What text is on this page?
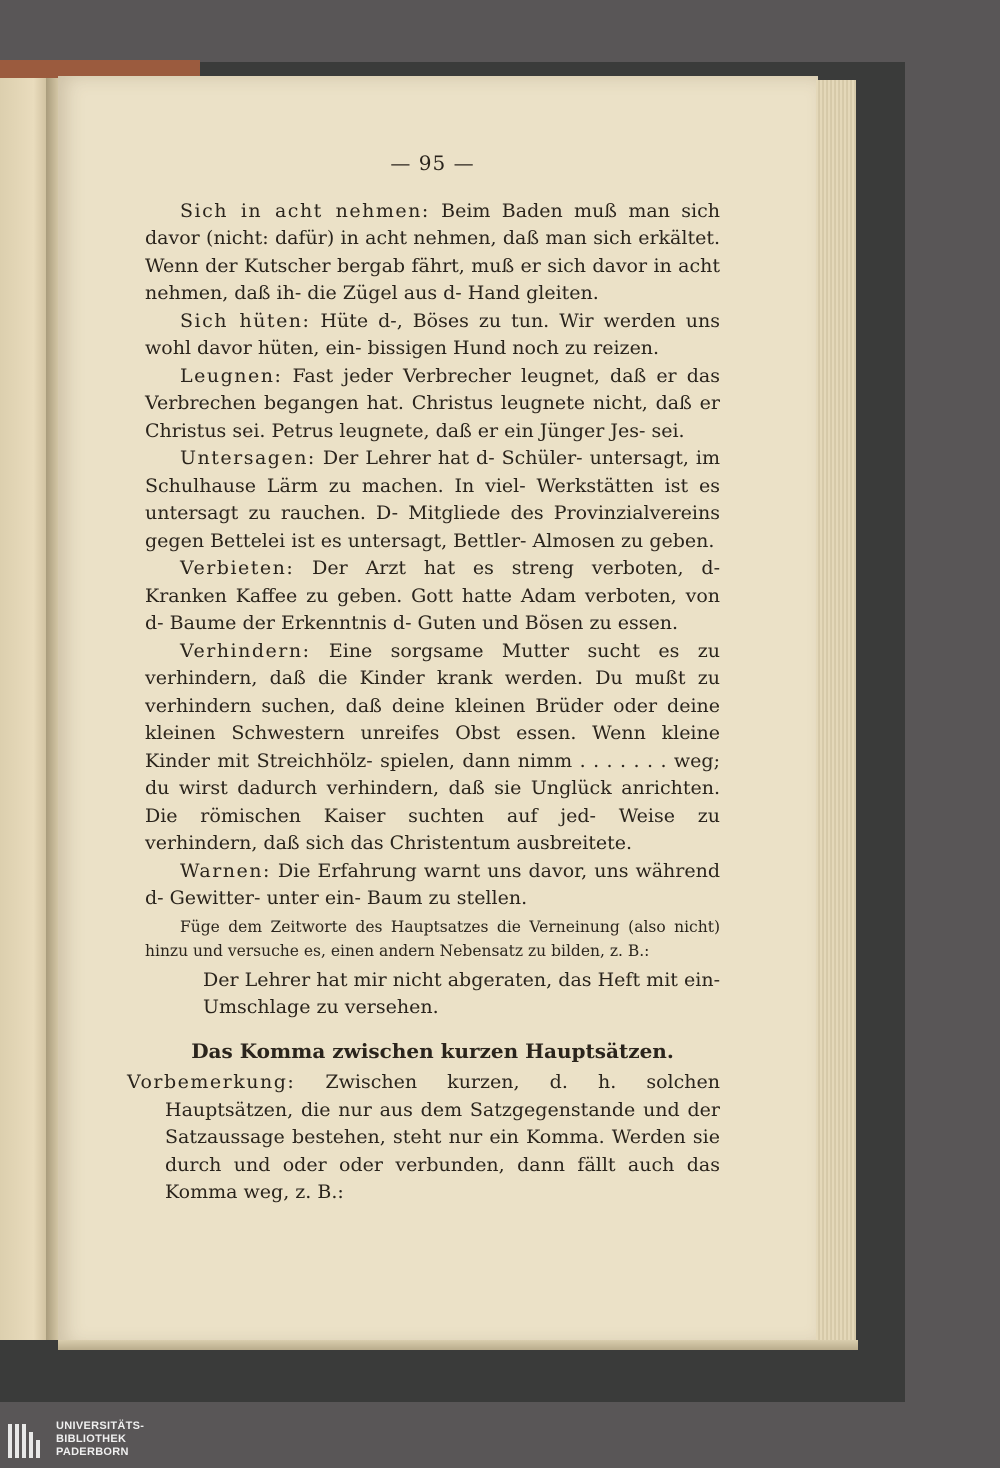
— 95 —

Sich in acht nehmen: Beim Baden muß man sich davor (nicht: dafür) in acht nehmen, daß man sich erkältet. Wenn der Kutscher bergab fährt, muß er sich davor in acht nehmen, daß ih- die Zügel aus d- Hand gleiten.

Sich hüten: Hüte d-, Böses zu tun. Wir werden uns wohl davor hüten, ein- bissigen Hund noch zu reizen.

Leugnen: Fast jeder Verbrecher leugnet, daß er das Verbrechen begangen hat. Christus leugnete nicht, daß er Christus sei. Petrus leugnete, daß er ein Jünger Jes- sei.

Untersagen: Der Lehrer hat d- Schüler- untersagt, im Schulhause Lärm zu machen. In viel- Werkstätten ist es untersagt zu rauchen. D- Mitgliede des Provinzialvereins gegen Bettelei ist es untersagt, Bettler- Almosen zu geben.

Verbieten: Der Arzt hat es streng verboten, d- Kranken Kaffee zu geben. Gott hatte Adam verboten, von d- Baume der Erkenntnis d- Guten und Bösen zu essen.

Verhindern: Eine sorgsame Mutter sucht es zu verhindern, daß die Kinder krank werden. Du mußt zu verhindern suchen, daß deine kleinen Brüder oder deine kleinen Schwestern unreifes Obst essen. Wenn kleine Kinder mit Streichhölz- spielen, dann nimm . . . . . . . weg; du wirst dadurch verhindern, daß sie Unglück anrichten. Die römischen Kaiser suchten auf jed- Weise zu verhindern, daß sich das Christentum ausbreitete.

Warnen: Die Erfahrung warnt uns davor, uns während d- Gewitter- unter ein- Baum zu stellen.

Füge dem Zeitworte des Hauptsatzes die Verneinung (also nicht) hinzu und versuche es, einen andern Nebensatz zu bilden, z. B.:
Der Lehrer hat mir nicht abgeraten, das Heft mit ein- Umschlage zu versehen.
Das Komma zwischen kurzen Hauptsätzen.

Vorbemerkung: Zwischen kurzen, d. h. solchen Hauptsätzen, die nur aus dem Satzgegenstande und der Satzaussage bestehen, steht nur ein Komma. Werden sie durch und oder oder verbunden, dann fällt auch das Komma weg, z. B.:

UNIVERSITÄTS-
BIBLIOTHEK
PADERBORN
